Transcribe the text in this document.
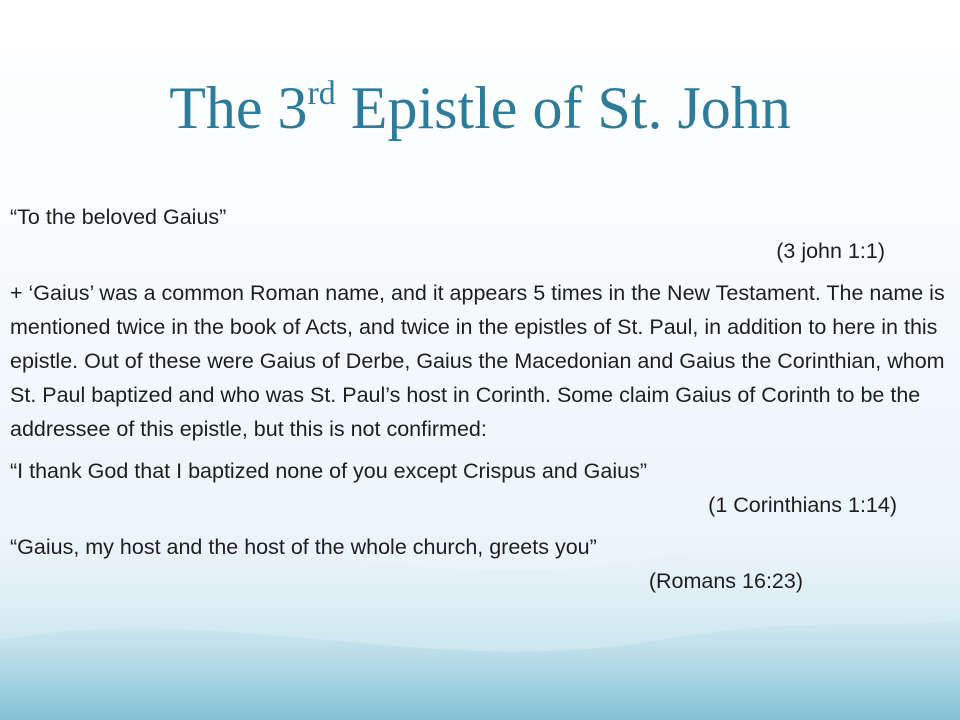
The 3rd Epistle of St. John

“To the beloved Gaius”

(3 john 1:1)

+ ‘Gaius’ was a common Roman name, and it appears 5 times in the New Testament. The name is mentioned twice in the book of Acts, and twice in the epistles of St. Paul, in addition to here in this epistle. Out of these were Gaius of Derbe, Gaius the Macedonian and Gaius the Corinthian, whom St. Paul baptized and who was St. Paul’s host in Corinth. Some claim Gaius of Corinth to be the addressee of this epistle, but this is not confirmed:

“I thank God that I baptized none of you except Crispus and Gaius”

(1 Corinthians 1:14)

“Gaius, my host and the host of the whole church, greets you”

(Romans 16:23)
